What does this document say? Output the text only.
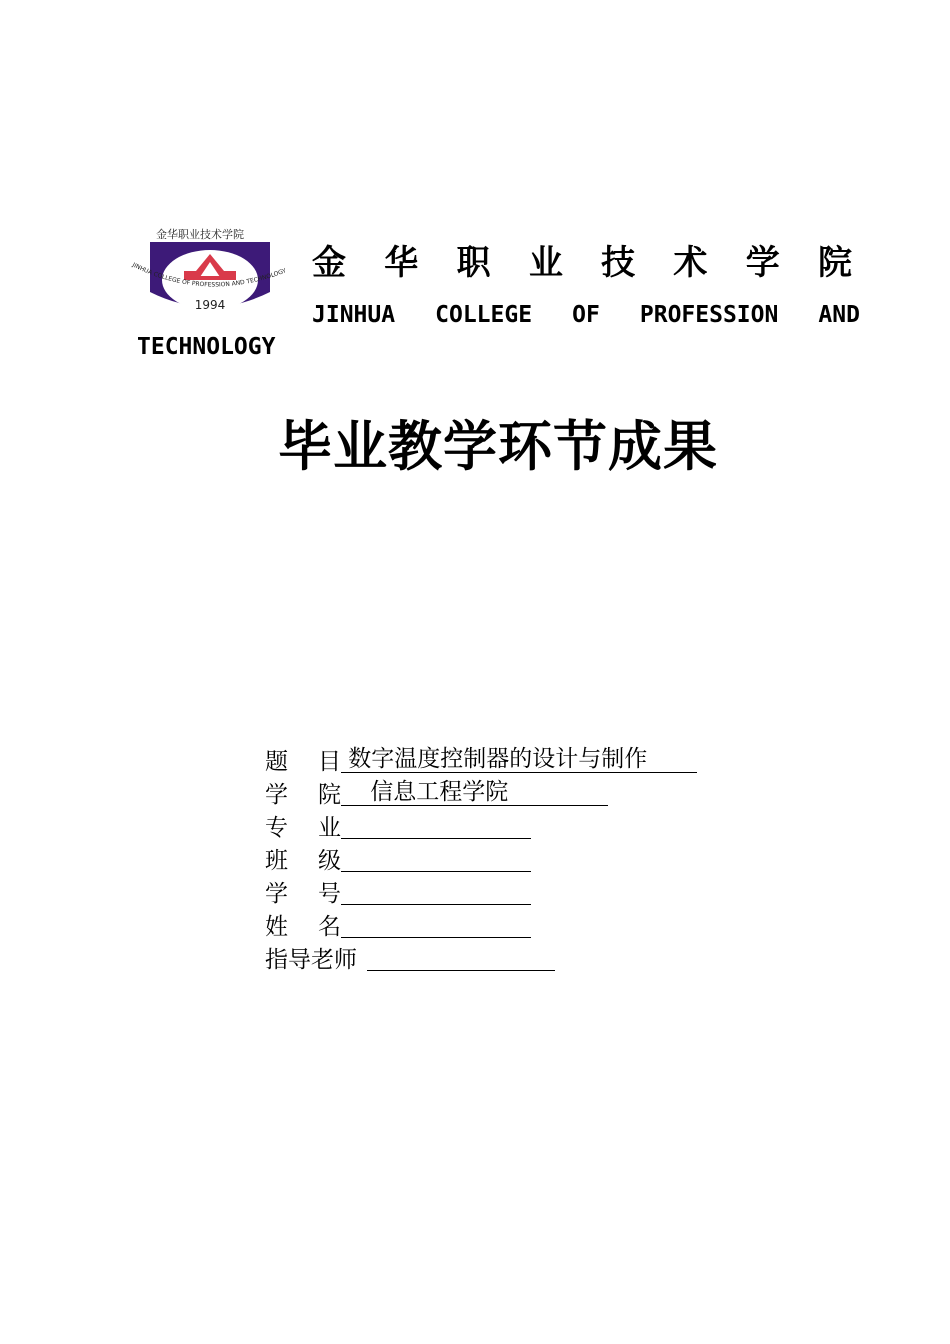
金华职业技术学院
1994
JINHUA COLLEGE OF PROFESSION AND TECHNOLOGY 金 华 职 业 技 术 学 院
JINHUA COLLEGE OF PROFESSION AND
TECHNOLOGY
毕业教学环节成果
题 目 数字温度控制器的设计与制作
学 院 信息工程学院
专 业
班 级
学 号
姓 名
指导老师
